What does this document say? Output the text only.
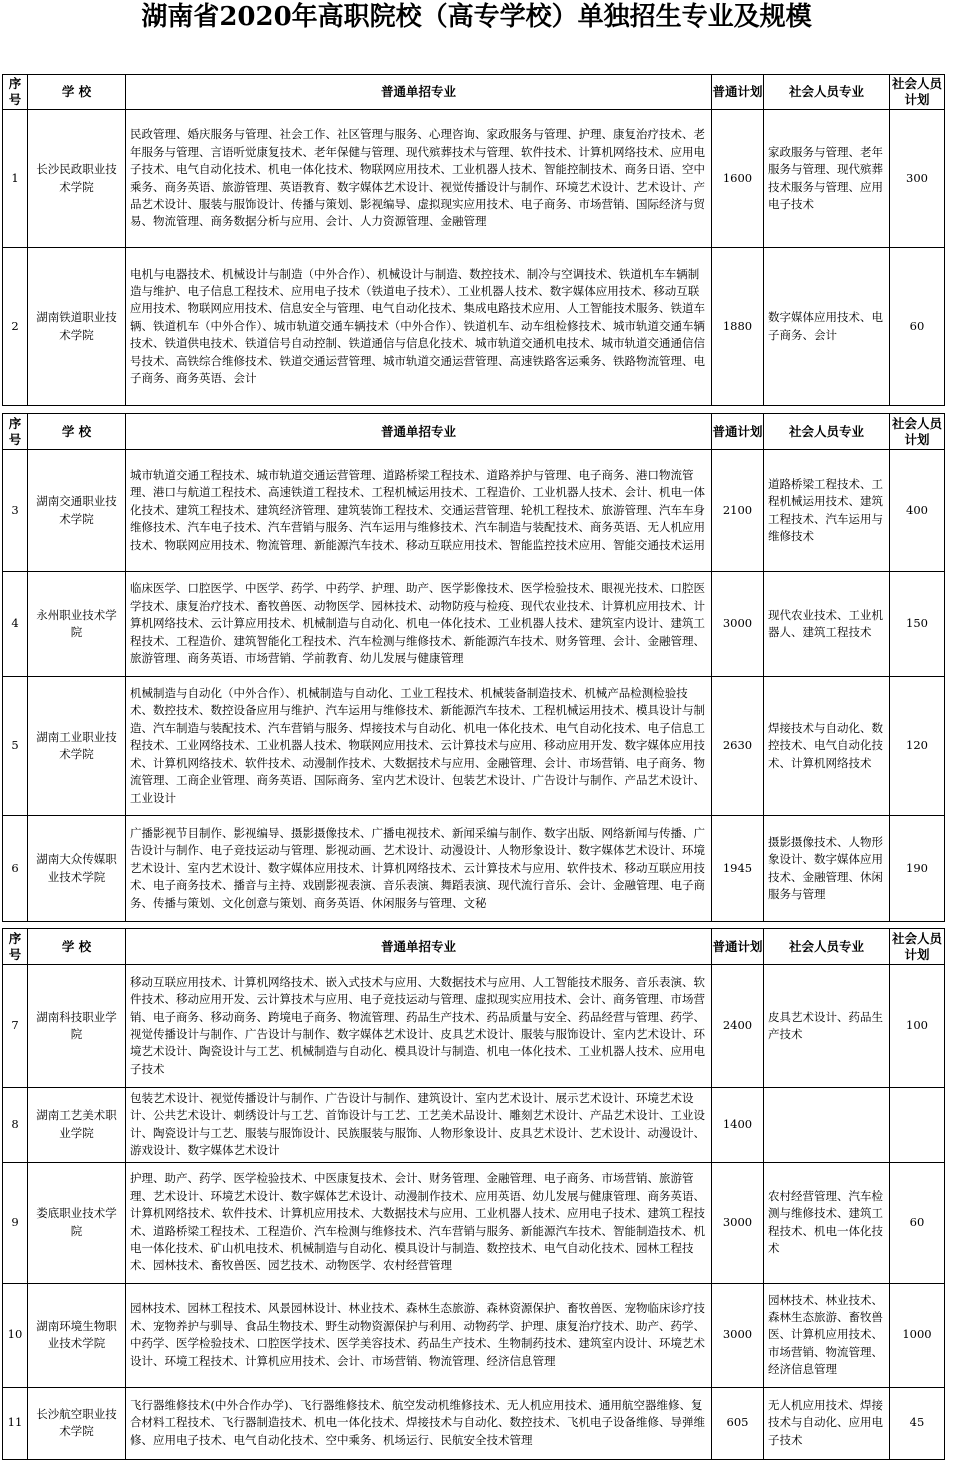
湖南省2020年高职院校（高专学校）单独招生专业及规模
序号	学 校	普通单招专业	普通计划	社会人员专业	社会人员计划
1	长沙民政职业技术学院	民政管理、婚庆服务与管理、社会工作、社区管理与服务、心理咨询、家政服务与管理、护理、康复治疗技术、老年服务与管理、言语听觉康复技术、老年保健与管理、现代殡葬技术与管理、软件技术、计算机网络技术、应用电子技术、电气自动化技术、机电一体化技术、物联网应用技术、工业机器人技术、智能控制技术、商务日语、空中乘务、商务英语、旅游管理、英语教育、数字媒体艺术设计、视觉传播设计与制作、环境艺术设计、艺术设计、产品艺术设计、服装与服饰设计、传播与策划、影视编导、虚拟现实应用技术、电子商务、市场营销、国际经济与贸易、物流管理、商务数据分析与应用、会计、人力资源管理、金融管理	1600	家政服务与管理、老年服务与管理、现代殡葬技术服务与管理、应用电子技术	300
2	湖南铁道职业技术学院	电机与电器技术、机械设计与制造（中外合作）、机械设计与制造、数控技术、制冷与空调技术、铁道机车车辆制造与维护、电子信息工程技术、应用电子技术（铁道电子技术）、工业机器人技术、数字媒体应用技术、移动互联应用技术、物联网应用技术、信息安全与管理、电气自动化技术、集成电路技术应用、人工智能技术服务、铁道车辆、铁道机车（中外合作）、城市轨道交通车辆技术（中外合作）、铁道机车、动车组检修技术、城市轨道交通车辆技术、铁道供电技术、铁道信号自动控制、铁道通信与信息化技术、城市轨道交通机电技术、城市轨道交通通信信号技术、高铁综合维修技术、铁道交通运营管理、城市轨道交通运营管理、高速铁路客运乘务、铁路物流管理、电子商务、商务英语、会计	1880	数字媒体应用技术、电子商务、会计	60
序号	学 校	普通单招专业	普通计划	社会人员专业	社会人员计划
3	湖南交通职业技术学院	城市轨道交通工程技术、城市轨道交通运营管理、道路桥梁工程技术、道路养护与管理、电子商务、港口物流管理、港口与航道工程技术、高速铁道工程技术、工程机械运用技术、工程造价、工业机器人技术、会计、机电一体化技术、建筑工程技术、建筑经济管理、建筑装饰工程技术、交通运营管理、轮机工程技术、旅游管理、汽车车身维修技术、汽车电子技术、汽车营销与服务、汽车运用与维修技术、汽车制造与装配技术、商务英语、无人机应用技术、物联网应用技术、物流管理、新能源汽车技术、移动互联应用技术、智能监控技术应用、智能交通技术运用	2100	道路桥梁工程技术、工程机械运用技术、建筑工程技术、汽车运用与维修技术	400
4	永州职业技术学院	临床医学、口腔医学、中医学、药学、中药学、护理、助产、医学影像技术、医学检验技术、眼视光技术、口腔医学技术、康复治疗技术、畜牧兽医、动物医学、园林技术、动物防疫与检疫、现代农业技术、计算机应用技术、计算机网络技术、云计算应用技术、机械制造与自动化、机电一体化技术、工业机器人技术、建筑室内设计、建筑工程技术、工程造价、建筑智能化工程技术、汽车检测与维修技术、新能源汽车技术、财务管理、会计、金融管理、旅游管理、商务英语、市场营销、学前教育、幼儿发展与健康管理	3000	现代农业技术、工业机器人、建筑工程技术	150
5	湖南工业职业技术学院	机械制造与自动化（中外合作）、机械制造与自动化、工业工程技术、机械装备制造技术、机械产品检测检验技术、数控技术、数控设备应用与维护、汽车运用与维修技术、新能源汽车技术、工程机械运用技术、模具设计与制造、汽车制造与装配技术、汽车营销与服务、焊接技术与自动化、机电一体化技术、电气自动化技术、电子信息工程技术、工业网络技术、工业机器人技术、物联网应用技术、云计算技术与应用、移动应用开发、数字媒体应用技术、计算机网络技术、软件技术、动漫制作技术、大数据技术与应用、金融管理、会计、市场营销、电子商务、物流管理、工商企业管理、商务英语、国际商务、室内艺术设计、包装艺术设计、广告设计与制作、产品艺术设计、工业设计	2630	焊接技术与自动化、数控技术、电气自动化技术、计算机网络技术	120
6	湖南大众传媒职业技术学院	广播影视节目制作、影视编导、摄影摄像技术、广播电视技术、新闻采编与制作、数字出版、网络新闻与传播、广告设计与制作、电子竞技运动与管理、影视动画、艺术设计、动漫设计、人物形象设计、数字媒体艺术设计、环境艺术设计、室内艺术设计、数字媒体应用技术、计算机网络技术、云计算技术与应用、软件技术、移动互联应用技术、电子商务技术、播音与主持、戏剧影视表演、音乐表演、舞蹈表演、现代流行音乐、会计、金融管理、电子商务、传播与策划、文化创意与策划、商务英语、休闲服务与管理、文秘	1945	摄影摄像技术、人物形象设计、数字媒体应用技术、金融管理、休闲服务与管理	190
序号	学 校	普通单招专业	普通计划	社会人员专业	社会人员计划
7	湖南科技职业学院	移动互联应用技术、计算机网络技术、嵌入式技术与应用、大数据技术与应用、人工智能技术服务、音乐表演、软件技术、移动应用开发、云计算技术与应用、电子竞技运动与管理、虚拟现实应用技术、会计、商务管理、市场营销、电子商务、移动商务、跨境电子商务、物流管理、药品生产技术、药品质量与安全、药品经营与管理、药学、视觉传播设计与制作、广告设计与制作、数字媒体艺术设计、皮具艺术设计、服装与服饰设计、室内艺术设计、环境艺术设计、陶瓷设计与工艺、机械制造与自动化、模具设计与制造、机电一体化技术、工业机器人技术、应用电子技术	2400	皮具艺术设计、药品生产技术	100
8	湖南工艺美术职业学院	包装艺术设计、视觉传播设计与制作、广告设计与制作、建筑设计、室内艺术设计、展示艺术设计、环境艺术设计、公共艺术设计、刺绣设计与工艺、首饰设计与工艺、工艺美术品设计、雕刻艺术设计、产品艺术设计、工业设计、陶瓷设计与工艺、服装与服饰设计、民族服装与服饰、人物形象设计、皮具艺术设计、艺术设计、动漫设计、游戏设计、数字媒体艺术设计	1400		
9	娄底职业技术学院	护理、助产、药学、医学检验技术、中医康复技术、会计、财务管理、金融管理、电子商务、市场营销、旅游管理、艺术设计、环境艺术设计、数字媒体艺术设计、动漫制作技术、应用英语、幼儿发展与健康管理、商务英语、计算机网络技术、软件技术、计算机应用技术、大数据技术与应用、工业机器人技术、应用电子技术、建筑工程技术、道路桥梁工程技术、工程造价、汽车检测与维修技术、汽车营销与服务、新能源汽车技术、智能制造技术、机电一体化技术、矿山机电技术、机械制造与自动化、模具设计与制造、数控技术、电气自动化技术、园林工程技术、园林技术、畜牧兽医、园艺技术、动物医学、农村经营管理	3000	农村经营管理、汽车检测与维修技术、建筑工程技术、机电一体化技术	60
10	湖南环境生物职业技术学院	园林技术、园林工程技术、风景园林设计、林业技术、森林生态旅游、森林资源保护、畜牧兽医、宠物临床诊疗技术、宠物养护与驯导、食品生物技术、野生动物资源保护与利用、动物药学、护理、康复治疗技术、助产、药学、中药学、医学检验技术、口腔医学技术、医学美容技术、药品生产技术、生物制药技术、建筑室内设计、环境艺术设计、环境工程技术、计算机应用技术、会计、市场营销、物流管理、经济信息管理	3000	园林技术、林业技术、森林生态旅游、畜牧兽医、计算机应用技术、市场营销、物流管理、经济信息管理	1000
11	长沙航空职业技术学院	飞行器维修技术(中外合作办学)、飞行器维修技术、航空发动机维修技术、无人机应用技术、通用航空器维修、复合材料工程技术、飞行器制造技术、机电一体化技术、焊接技术与自动化、数控技术、飞机电子设备维修、导弹维修、应用电子技术、电气自动化技术、空中乘务、机场运行、民航安全技术管理	605	无人机应用技术、焊接技术与自动化、应用电子技术	45
